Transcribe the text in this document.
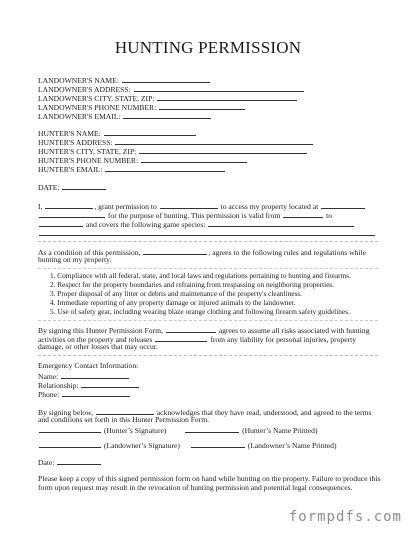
HUNTING PERMISSION
LANDOWNER'S NAME:
LANDOWNER'S ADDRESS:
LANDOWNER'S CITY, STATE, ZIP:
LANDOWNER'S PHONE NUMBER:
LANDOWNER'S EMAIL:
HUNTER'S NAME:
HUNTER'S ADDRESS:
HUNTER'S CITY, STATE, ZIP:
HUNTER'S PHONE NUMBER:
HUNTER'S EMAIL:
DATE:
I,	, grant permission to	to access my property located at
for the purpose of hunting. This permission is valid from	to
and covers the following game species:
As a condition of this permission,	, agrees to the following rules and regulations while
hunting on my property:
1. Compliance with all federal, state, and local laws and regulations pertaining to hunting and firearms.
2. Respect for the property boundaries and refraining from trespassing on neighboring properties.
3. Proper disposal of any litter or debris and maintenance of the property's cleanliness.
4. Immediate reporting of any property damage or injured animals to the landowner.
5. Use of safety gear, including wearing blaze orange clothing and following firearm safety guidelines.
By signing this Hunter Permission Form,	agrees to assume all risks associated with hunting
activities on the property and releases	from any liability for personal injuries, property
damage, or other losses that may occur.
Emergency Contact Information:
Name:
Relationship:
Phone:
By signing below,	acknowledges that they have read, understood, and agreed to the terms
and conditions set forth in this Hunter Permission Form.
(Hunter’s Signature)	(Hunter’s Name Printed)
(Landowner’s Signature)	(Landowner’s Name Printed)
Date:
Please keep a copy of this signed permission form on hand while hunting on the property. Failure to produce this
form upon request may result in the revocation of hunting permission and potential legal consequences.
formpdfs.com
